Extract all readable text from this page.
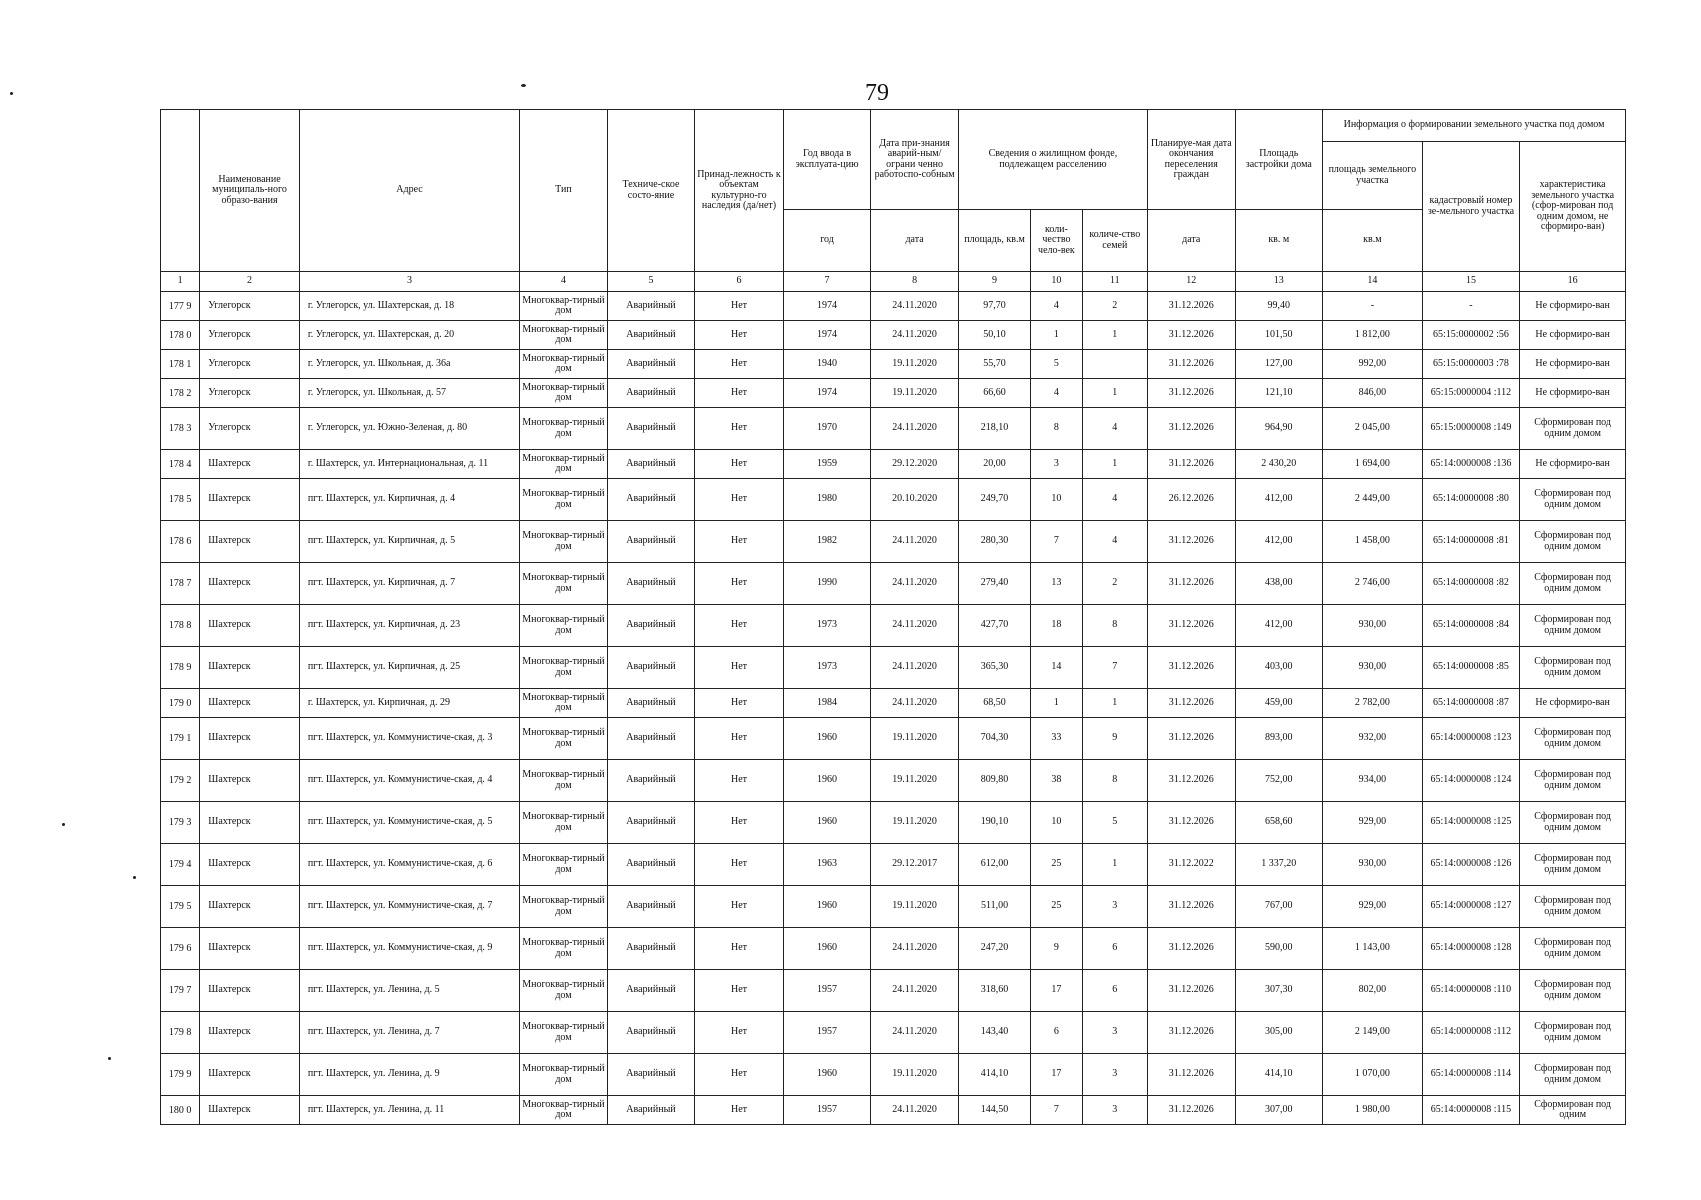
79
	Наименование муниципаль-ного образо-вания	Адрес	Тип	Техниче-ское состо-яние	Принад-лежность к объектам культурно-го наследия (да/нет)	Год ввода в эксплуата-цию	Дата при-знания аварий-ным/ограни ченно работоспо-собным	Сведения о жилищном фонде, подлежащем расселению			Планируе-мая дата окончания переселения граждан	Площадь застройки дома	Информация о формировании земельного участка под домом		
													площадь земельного участка	кадастровый номер зе-мельного участка	характеристика земельного участка (сфор-мирован под одним домом, не сформиро-ван)
						год	дата	площадь, кв.м	коли-чество чело-век	количе-ство семей	дата	кв. м	кв.м		
1	2	3	4	5	6	7	8	9	10	11	12	13	14	15	16
177 9	Углегорск	г. Углегорск, ул. Шахтерская, д. 18	Многоквар-тирный дом	Аварийный	Нет	1974	24.11.2020	97,70	4	2	31.12.2026	99,40	-	-	Не сформиро-ван
178 0	Углегорск	г. Углегорск, ул. Шахтерская, д. 20	Многоквар-тирный дом	Аварийный	Нет	1974	24.11.2020	50,10	1	1	31.12.2026	101,50	1 812,00	65:15:0000002 :56	Не сформиро-ван
178 1	Углегорск	г. Углегорск, ул. Школьная, д. 36а	Многоквар-тирный дом	Аварийный	Нет	1940	19.11.2020	55,70	5		31.12.2026	127,00	992,00	65:15:0000003 :78	Не сформиро-ван
178 2	Углегорск	г. Углегорск, ул. Школьная, д. 57	Многоквар-тирный дом	Аварийный	Нет	1974	19.11.2020	66,60	4	1	31.12.2026	121,10	846,00	65:15:0000004 :112	Не сформиро-ван
178 3	Углегорск	г. Углегорск, ул. Южно-Зеленая, д. 80	Многоквар-тирный дом	Аварийный	Нет	1970	24.11.2020	218,10	8	4	31.12.2026	964,90	2 045,00	65:15:0000008 :149	Сформирован под одним домом
178 4	Шахтерск	г. Шахтерск, ул. Интернациональная, д. 11	Многоквар-тирный дом	Аварийный	Нет	1959	29.12.2020	20,00	3	1	31.12.2026	2 430,20	1 694,00	65:14:0000008 :136	Не сформиро-ван
178 5	Шахтерск	пгт. Шахтерск, ул. Кирпичная, д. 4	Многоквар-тирный дом	Аварийный	Нет	1980	20.10.2020	249,70	10	4	26.12.2026	412,00	2 449,00	65:14:0000008 :80	Сформирован под одним домом
178 6	Шахтерск	пгт. Шахтерск, ул. Кирпичная, д. 5	Многоквар-тирный дом	Аварийный	Нет	1982	24.11.2020	280,30	7	4	31.12.2026	412,00	1 458,00	65:14:0000008 :81	Сформирован под одним домом
178 7	Шахтерск	пгт. Шахтерск, ул. Кирпичная, д. 7	Многоквар-тирный дом	Аварийный	Нет	1990	24.11.2020	279,40	13	2	31.12.2026	438,00	2 746,00	65:14:0000008 :82	Сформирован под одним домом
178 8	Шахтерск	пгт. Шахтерск, ул. Кирпичная, д. 23	Многоквар-тирный дом	Аварийный	Нет	1973	24.11.2020	427,70	18	8	31.12.2026	412,00	930,00	65:14:0000008 :84	Сформирован под одним домом
178 9	Шахтерск	пгт. Шахтерск, ул. Кирпичная, д. 25	Многоквар-тирный дом	Аварийный	Нет	1973	24.11.2020	365,30	14	7	31.12.2026	403,00	930,00	65:14:0000008 :85	Сформирован под одним домом
179 0	Шахтерск	г. Шахтерск, ул. Кирпичная, д. 29	Многоквар-тирный дом	Аварийный	Нет	1984	24.11.2020	68,50	1	1	31.12.2026	459,00	2 782,00	65:14:0000008 :87	Не сформиро-ван
179 1	Шахтерск	пгт. Шахтерск, ул. Коммунистиче-ская, д. 3	Многоквар-тирный дом	Аварийный	Нет	1960	19.11.2020	704,30	33	9	31.12.2026	893,00	932,00	65:14:0000008 :123	Сформирован под одним домом
179 2	Шахтерск	пгт. Шахтерск, ул. Коммунистиче-ская, д. 4	Многоквар-тирный дом	Аварийный	Нет	1960	19.11.2020	809,80	38	8	31.12.2026	752,00	934,00	65:14:0000008 :124	Сформирован под одним домом
179 3	Шахтерск	пгт. Шахтерск, ул. Коммунистиче-ская, д. 5	Многоквар-тирный дом	Аварийный	Нет	1960	19.11.2020	190,10	10	5	31.12.2026	658,60	929,00	65:14:0000008 :125	Сформирован под одним домом
179 4	Шахтерск	пгт. Шахтерск, ул. Коммунистиче-ская, д. 6	Многоквар-тирный дом	Аварийный	Нет	1963	29.12.2017	612,00	25	1	31.12.2022	1 337,20	930,00	65:14:0000008 :126	Сформирован под одним домом
179 5	Шахтерск	пгт. Шахтерск, ул. Коммунистиче-ская, д. 7	Многоквар-тирный дом	Аварийный	Нет	1960	19.11.2020	511,00	25	3	31.12.2026	767,00	929,00	65:14:0000008 :127	Сформирован под одним домом
179 6	Шахтерск	пгт. Шахтерск, ул. Коммунистиче-ская, д. 9	Многоквар-тирный дом	Аварийный	Нет	1960	24.11.2020	247,20	9	6	31.12.2026	590,00	1 143,00	65:14:0000008 :128	Сформирован под одним домом
179 7	Шахтерск	пгт. Шахтерск, ул. Ленина, д. 5	Многоквар-тирный дом	Аварийный	Нет	1957	24.11.2020	318,60	17	6	31.12.2026	307,30	802,00	65:14:0000008 :110	Сформирован под одним домом
179 8	Шахтерск	пгт. Шахтерск, ул. Ленина, д. 7	Многоквар-тирный дом	Аварийный	Нет	1957	24.11.2020	143,40	6	3	31.12.2026	305,00	2 149,00	65:14:0000008 :112	Сформирован под одним домом
179 9	Шахтерск	пгт. Шахтерск, ул. Ленина, д. 9	Многоквар-тирный дом	Аварийный	Нет	1960	19.11.2020	414,10	17	3	31.12.2026	414,10	1 070,00	65:14:0000008 :114	Сформирован под одним домом
180 0	Шахтерск	пгт. Шахтерск, ул. Ленина, д. 11	Многоквар-тирный дом	Аварийный	Нет	1957	24.11.2020	144,50	7	3	31.12.2026	307,00	1 980,00	65:14:0000008 :115	Сформирован под одним
